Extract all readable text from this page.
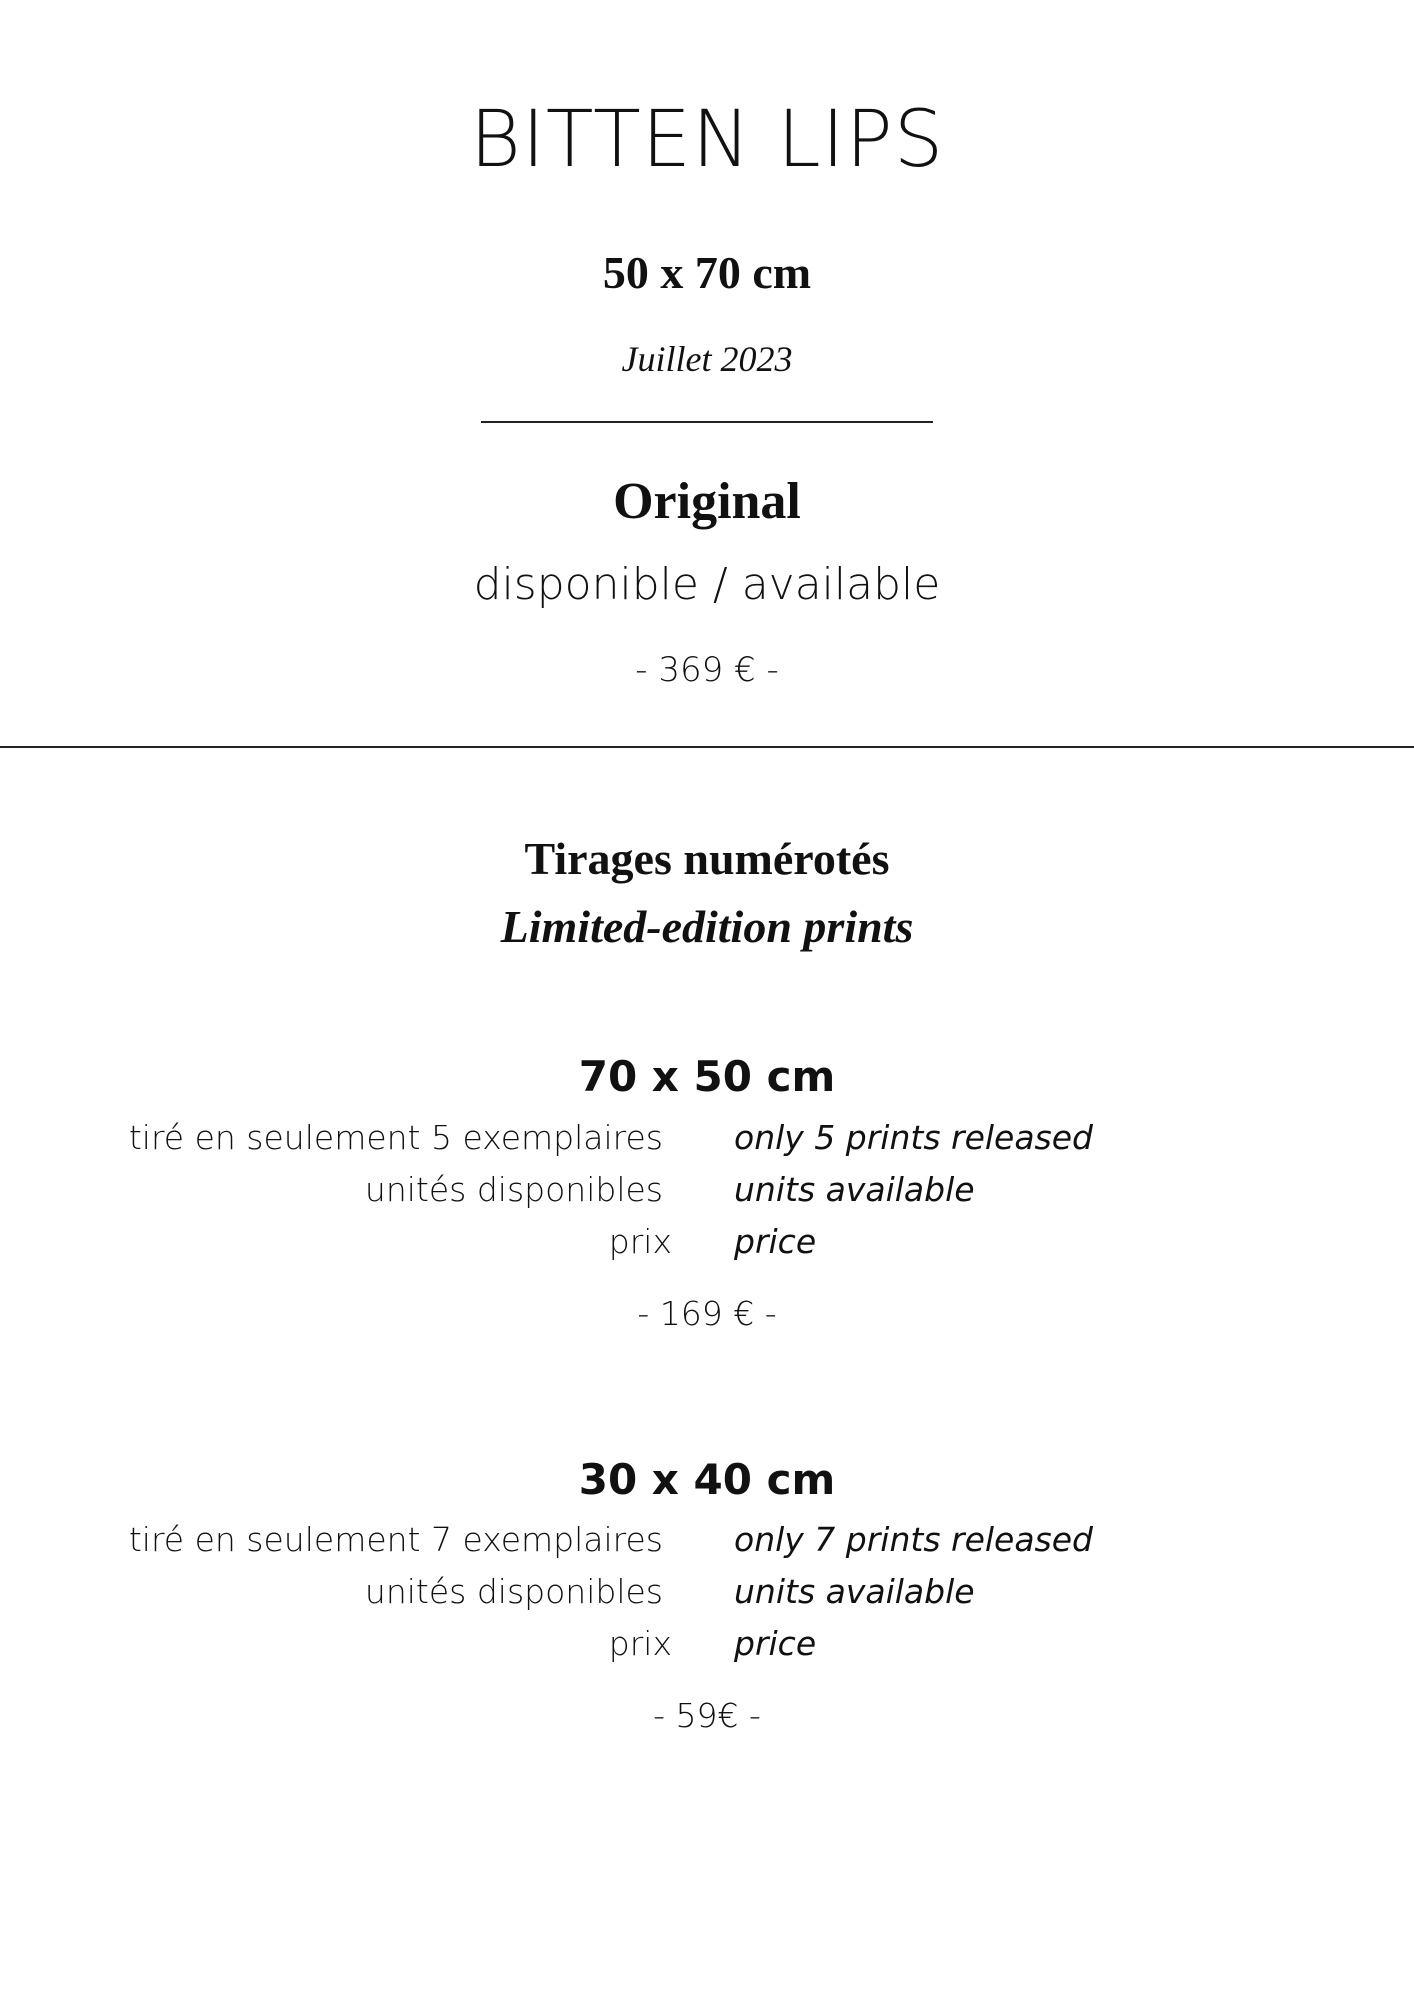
BITTEN LIPS
50 x 70 cm
Juillet 2023
Original
disponible / available
- 369 € -
Tirages numérotés
Limited-edition prints
70 x 50 cm
tiré en seulement 5 exemplaires only 5 prints released
unités disponibles units available
prix price
- 169 € -
30 x 40 cm
tiré en seulement 7 exemplaires only 7 prints released
unités disponibles units available
prix price
- 59€ -
